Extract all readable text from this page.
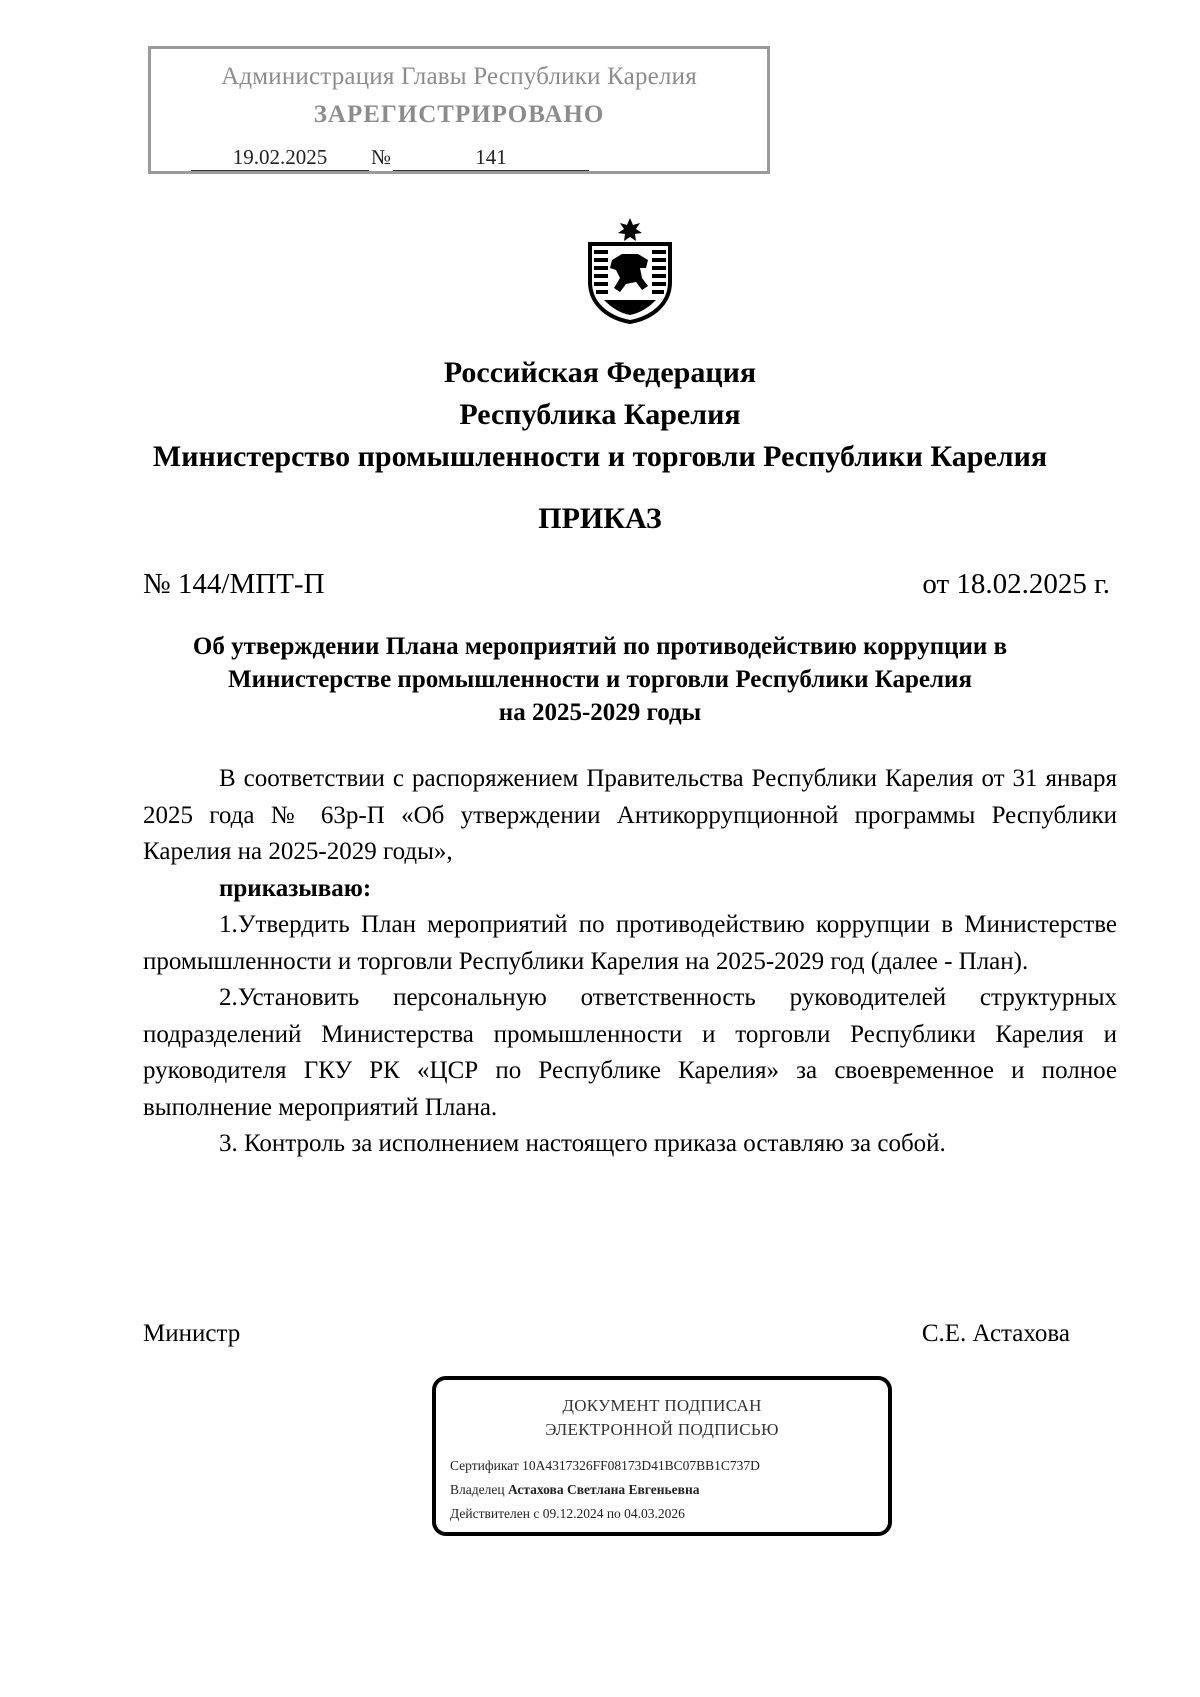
Администрация Главы Республики Карелия
ЗАРЕГИСТРИРОВАНО
19.02.2025 №	141
Российская Федерация
Республика Карелия
Министерство промышленности и торговли Республики Карелия
ПРИКАЗ
№ 144/МПТ-П	от 18.02.2025 г.
Об утверждении Плана мероприятий по противодействию коррупции в
Министерстве промышленности и торговли Республики Карелия
на 2025-2029 годы

В соответствии с распоряжением Правительства Республики Карелия от 31 января 2025 года № 63р-П «Об утверждении Антикоррупционной программы Республики Карелия на 2025-2029 годы»,

приказываю:

1.Утвердить План мероприятий по противодействию коррупции в Министерстве промышленности и торговли Республики Карелия на 2025-2029 год (далее - План).

2.Установить персональную ответственность руководителей структурных подразделений Министерства промышленности и торговли Республики Карелия и руководителя ГКУ РК «ЦСР по Республике Карелия» за своевременное и полное выполнение мероприятий Плана.

3. Контроль за исполнением настоящего приказа оставляю за собой.

Министр	С.Е. Астахова
ДОКУМЕНТ ПОДПИСАН
ЭЛЕКТРОННОЙ ПОДПИСЬЮ
Сертификат 10A4317326FF08173D41BC07BB1C737D
Владелец Астахова Светлана Евгеньевна
Действителен с 09.12.2024 по 04.03.2026
